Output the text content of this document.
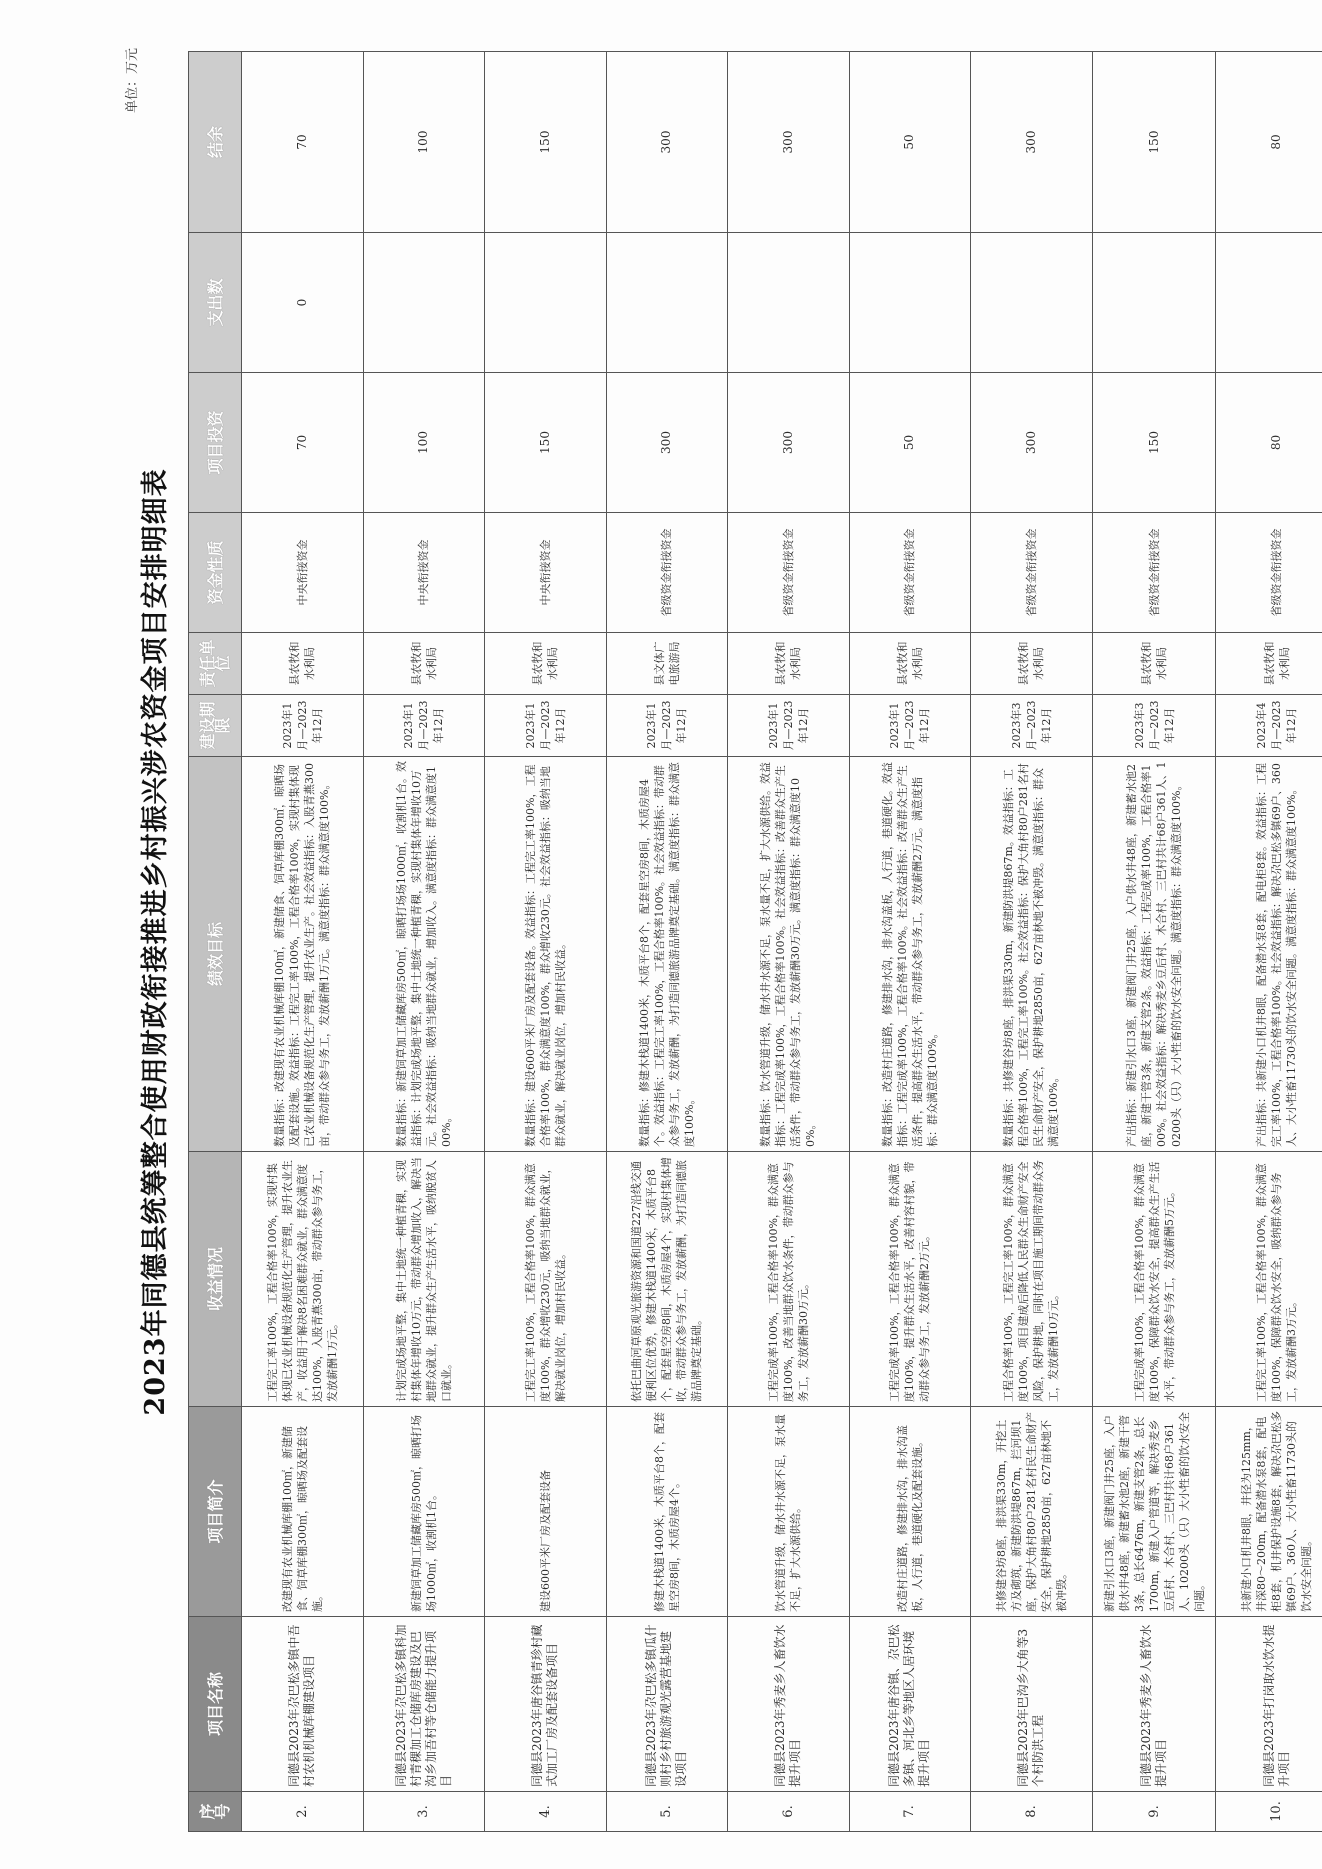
单位：万元
2023年同德县统筹整合使用财政衔接推进乡村振兴涉农资金项目安排明细表
序号	项目名称	项目简介	收益情况	绩效目标	建设期限	责任单位	资金性质	项目投资	支出数	结余
2.	同德县2023年尕巴松多镇中吾村农机机械库棚建设项目	改建现有农业机械库棚100㎡，新建储食、饲草库棚300㎡，晾晒场及配套设施。	工程完工率100%，工程合格率100%，实现村集体现已农业机械设备规范化生产管理，提升农业生产，收益用于解决8名困难群众就业，群众满意度达100%，入股青燕300亩，带动群众参与务工，发放薪酬1万元。	数量指标：改建现有农业机械库棚100㎡，新建储食、饲草库棚300㎡，晾晒场及配套设施。效益指标：工程完工率100%，工程合格率100%，实现村集体现已农业机械设备规范化生产管理，提升农业生产。社会效益指标：入股青燕300亩，带动群众参与务工，发放薪酬1万元。满意度指标：群众满意度100%。	2023年1月—2023年12月	县农牧和水利局	中央衔接资金	70	0	70
3.	同德县2023年尕巴松多镇科加村青稞加工仓储库房建设及巴沟乡加吾村等仓储能力提升项目	新建饲草加工储藏库房500㎡，晾晒打场场1000㎡，收割机1台。	计划完成场地平整，集中土地统一种植青稞，实现村集体年增收10万元，带动群众增加收入，解决当地群众就业，提升群众生产生活水平，吸纳脱贫人口就业。	数量指标：新建饲草加工储藏库房500㎡，晾晒打场场1000㎡，收割机1台。效益指标：计划完成场地平整，集中土地统一种植青稞，实现村集体年增收10万元。社会效益指标：吸纳当地群众就业，增加收入。满意度指标：群众满意度100%。	2023年1月—2023年12月	县农牧和水利局	中央衔接资金	100		100
4.	同德县2023年唐谷镇青珍村藏式加工厂房及配套设备项目	建设600平米厂房及配套设备	工程完工率100%，工程合格率100%，群众满意度100%，群众增收230元，吸纳当地群众就业，解决就业岗位，增加村民收益。	数量指标：建设600平米厂房及配套设备。效益指标：工程完工率100%，工程合格率100%，群众满意度100%，群众增收230元。社会效益指标：吸纳当地群众就业，解决就业岗位，增加村民收益。	2023年1月—2023年12月	县农牧和水利局	中央衔接资金	150		150
5.	同德县2023年尕巴松多镇瓜什则村乡村旅游观光露营基地建设项目	修建木栈道1400米，木质平台8个，配套星空房8间，木质房屋4个。	依托巴曲河草原观光旅游资源和国道227沿线交通便利区位优势，修建木栈道1400米，木质平台8个，配套星空房8间，木质房屋4个，实现村集体增收，带动群众参与务工，发放薪酬，为打造同德旅游品牌奠定基础。	数量指标：修建木栈道1400米，木质平台8个，配套星空房8间，木质房屋4个。效益指标：工程完工率100%，工程合格率100%。社会效益指标：带动群众参与务工，发放薪酬，为打造同德旅游品牌奠定基础。满意度指标：群众满意度100%。	2023年1月—2023年12月	县文体广电旅游局	省级资金衔接资金	300		300
6.	同德县2023年秀麦乡人畜饮水提升项目	饮水管道升级，储水井水源不足，泵水量不足，扩大水源供给。	工程完成率100%，工程合格率100%，群众满意度100%，改善当地群众饮水条件，带动群众参与务工，发放薪酬30万元。	数量指标：饮水管道升级，储水井水源不足，泵水量不足，扩大水源供给。效益指标：工程完成率100%，工程合格率100%。社会效益指标：改善群众生产生活条件，带动群众参与务工，发放薪酬30万元。满意度指标：群众满意度100%。	2023年1月—2023年12月	县农牧和水利局	省级资金衔接资金	300		300
7.	同德县2023年唐谷镇、尕巴松多镇、河北乡等地区人居环境提升项目	改造村庄道路，修建排水沟，排水沟盖板，人行道，巷道硬化及配套设施。	工程完成率100%，工程合格率100%，群众满意度100%，提升群众生活水平，改善村容村貌，带动群众参与务工，发放薪酬2万元。	数量指标：改造村庄道路，修建排水沟，排水沟盖板，人行道，巷道硬化。效益指标：工程完成率100%，工程合格率100%。社会效益指标：改善群众生产生活条件，提高群众生活水平，带动群众参与务工，发放薪酬2万元。满意度指标：群众满意度100%。	2023年1月—2023年12月	县农牧和水利局	省级资金衔接资金	50		50
8.	同德县2023年巴沟乡大角等3个村防洪工程	共修建谷坊8座，排洪渠330m，开挖土方及砌筑，新建防洪堤867m，拦河坝1座，保护大角村80户281名村民生命财产安全，保护耕地2850亩，627亩林地不被冲毁。	工程合格率100%，工程完工率100%，群众满意度100%，项目建成后降低人民群众生命财产安全风险，保护耕地，同时在项目施工期间带动群众务工，发放薪酬10万元。	数量指标：共修建谷坊8座，排洪渠330m，新建防洪堤867m。效益指标：工程合格率100%，工程完工率100%。社会效益指标：保护大角村80户281名村民生命财产安全，保护耕地2850亩，627亩林地不被冲毁。满意度指标：群众满意度100%。	2023年3月—2023年12月	县农牧和水利局	省级资金衔接资金	300		300
9.	同德县2023年秀麦乡人畜饮水提升项目	新建引水口3座，新建阀门井25座，入户供水井48座，新建蓄水池2座，新建干管3条，总长6476m，新建支管2条，总长1700m，新建入户管道等，解决秀麦乡豆后村、木合村、三巴村共计68户361人、10200头（只）大小牲畜的饮水安全问题。	工程完成率100%，工程合格率100%，群众满意度100%，保障群众饮水安全，提高群众生产生活水平，带动群众参与务工，发放薪酬5万元。	产出指标：新建引水口3座，新建阀门井25座，入户供水井48座，新建蓄水池2座，新建干管3条，新建支管2条。效益指标：工程完成率100%，工程合格率100%。社会效益指标：解决秀麦乡豆后村、木合村、三巴村共计68户361人、10200头（只）大小牲畜的饮水安全问题。满意度指标：群众满意度100%。	2023年3月—2023年12月	县农牧和水利局	省级资金衔接资金	150		150
10.	同德县2023年打岗取水饮水提升项目	共新建小口机井8眼，井径为125mm，井深80～200m，配备潜水泵8套，配电柜8套，机井保护设施8套，解决尕巴松多镇69户、360人、大小牲畜11730头的饮水安全问题。	工程完工率100%，工程合格率100%，群众满意度100%，保障群众饮水安全，吸纳群众参与务工，发放薪酬3万元。	产出指标：共新建小口机井8眼，配备潜水泵8套，配电柜8套。效益指标：工程完工率100%，工程合格率100%。社会效益指标：解决尕巴松多镇69户、360人、大小牲畜11730头的饮水安全问题。满意度指标：群众满意度100%。	2023年4月—2023年12月	县农牧和水利局	省级资金衔接资金	80		80
